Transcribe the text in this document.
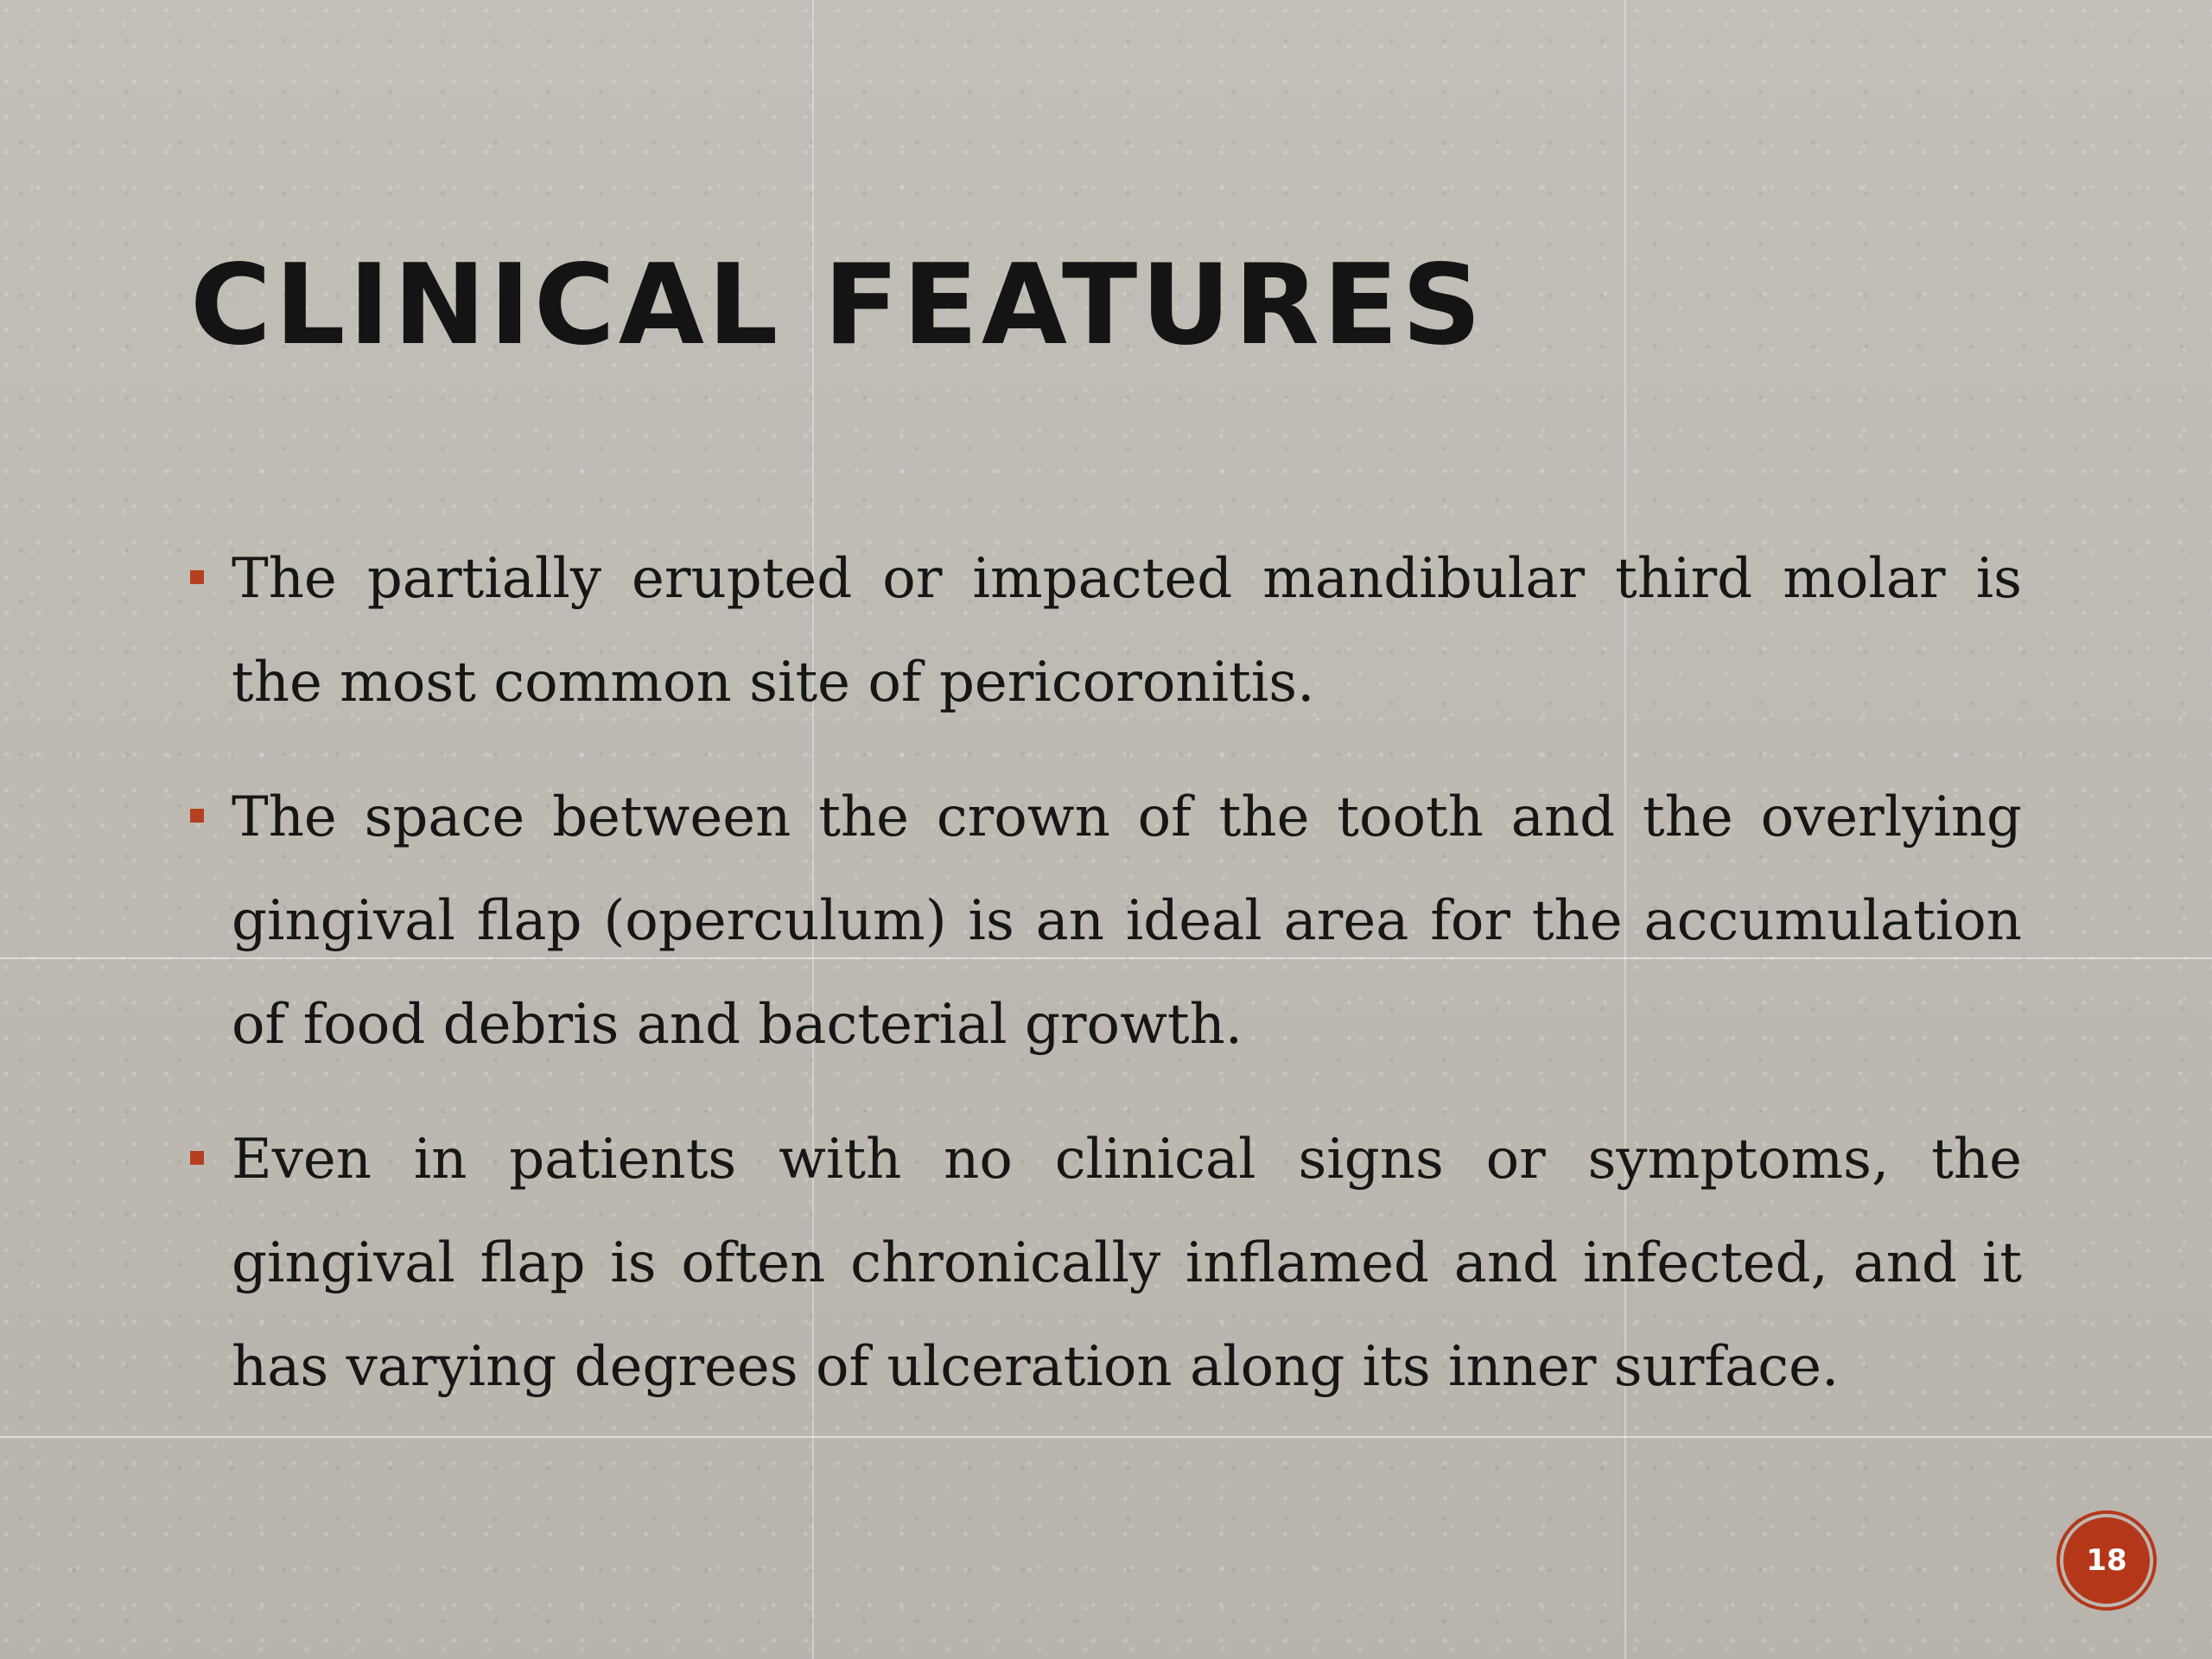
CLINICAL FEATURES
The partially erupted or impacted mandibular third molar is the most common site of pericoronitis.
The space between the crown of the tooth and the overlying gingival flap (operculum) is an ideal area for the accumulation of food debris and bacterial growth.
Even in patients with no clinical signs or symptoms, the gingival flap is often chronically inflamed and infected, and it has varying degrees of ulceration along its inner surface.
18
